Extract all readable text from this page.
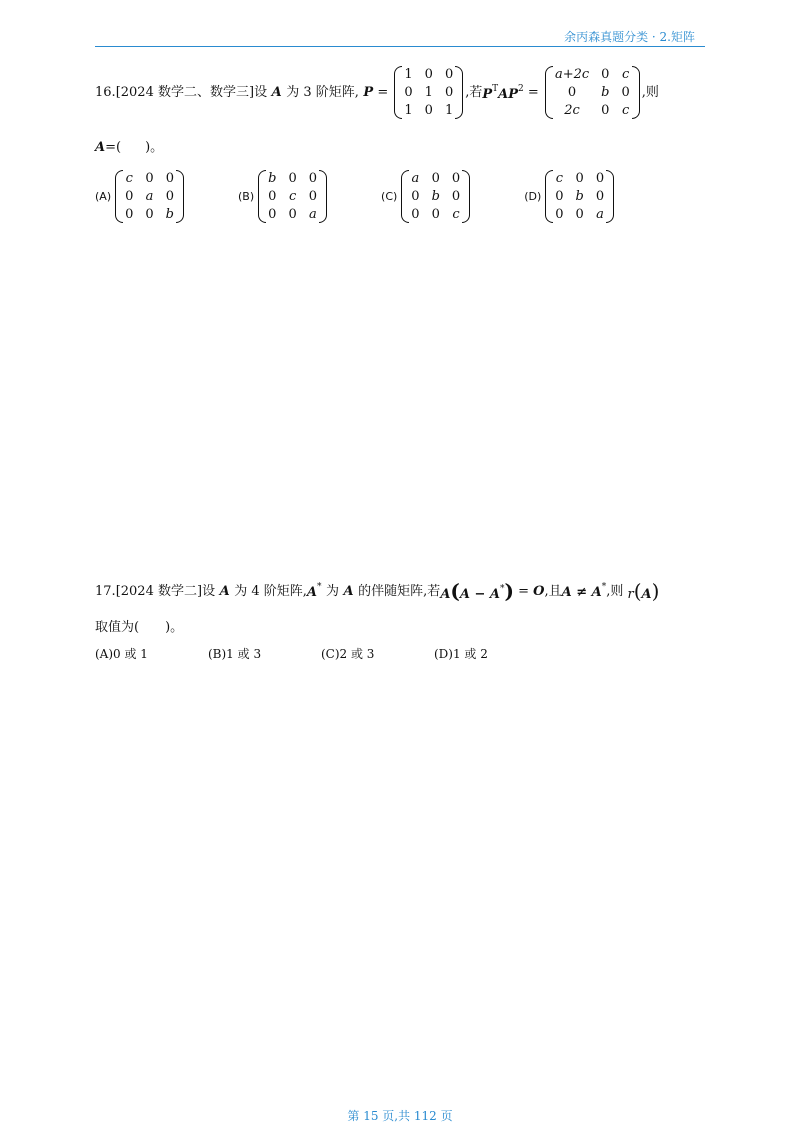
余丙森真题分类 · 2.矩阵
16. [2024 数学二、数学三] 设 A 为 3 阶矩阵, P =
1 0 0
0 1 0
1 0 1
,若 $P^TAP^2$ =
a+2c 0 c
0 b 0
2c 0 c
,则
A =( )。
(A)
c 0 0
0 a 0
0 0 b
(B)
b 0 0
0 c 0
0 0 a
(C)
a 0 0
0 b 0
0 0 c
(D)
c 0 0
0 b 0
0 0 a
17. [2024 数学二] 设 A 为 4 阶矩阵, A* 为 A 的伴随矩阵,若 A(A − A*) = O ,且 A ≠ A* ,则 r(A)
取值为(　　)。
(A)0 或 1	(B)1 或 3	(C)2 或 3	(D)1 或 2
第 15 页,共 112 页
